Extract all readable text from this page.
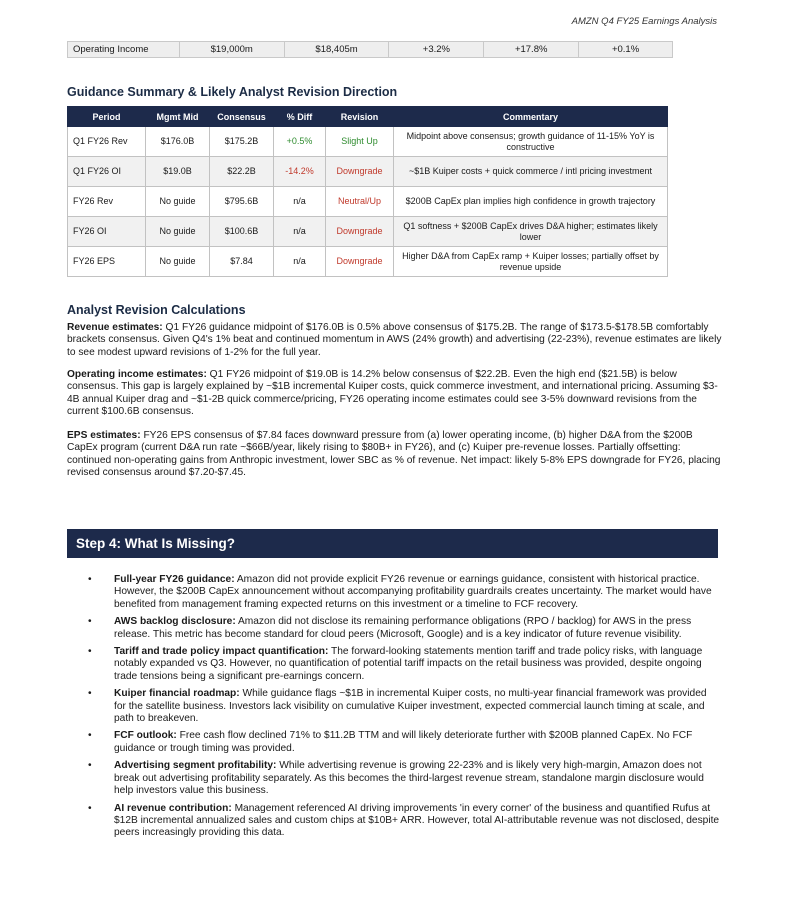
AMZN Q4 FY25 Earnings Analysis
Operating Income	$19,000m	$18,405m	+3.2%	+17.8%	+0.1%
Guidance Summary & Likely Analyst Revision Direction
Period	Mgmt Mid	Consensus	% Diff	Revision	Commentary
Q1 FY26 Rev	$176.0B	$175.2B	+0.5%	Slight Up	Midpoint above consensus; growth guidance of 11-15% YoY is constructive
Q1 FY26 OI	$19.0B	$22.2B	-14.2%	Downgrade	~$1B Kuiper costs + quick commerce / intl pricing investment
FY26 Rev	No guide	$795.6B	n/a	Neutral/Up	$200B CapEx plan implies high confidence in growth trajectory
FY26 OI	No guide	$100.6B	n/a	Downgrade	Q1 softness + $200B CapEx drives D&A higher; estimates likely lower
FY26 EPS	No guide	$7.84	n/a	Downgrade	Higher D&A from CapEx ramp + Kuiper losses; partially offset by revenue upside
Analyst Revision Calculations

Revenue estimates: Q1 FY26 guidance midpoint of $176.0B is 0.5% above consensus of $175.2B. The range of $173.5-$178.5B comfortably brackets consensus. Given Q4's 1% beat and continued momentum in AWS (24% growth) and advertising (22-23%), revenue estimates are likely to see modest upward revisions of 1-2% for the full year.

Operating income estimates: Q1 FY26 midpoint of $19.0B is 14.2% below consensus of $22.2B. Even the high end ($21.5B) is below consensus. This gap is largely explained by ~$1B incremental Kuiper costs, quick commerce investment, and international pricing. Assuming $3-4B annual Kuiper drag and ~$1-2B quick commerce/pricing, FY26 operating income estimates could see 3-5% downward revisions from the current $100.6B consensus.

EPS estimates: FY26 EPS consensus of $7.84 faces downward pressure from (a) lower operating income, (b) higher D&A from the $200B CapEx program (current D&A run rate ~$66B/year, likely rising to $80B+ in FY26), and (c) Kuiper pre-revenue losses. Partially offsetting: continued non-operating gains from Anthropic investment, lower SBC as % of revenue. Net impact: likely 5-8% EPS downgrade for FY26, placing revised consensus around $7.20-$7.45.

Step 4: What Is Missing?
• Full-year FY26 guidance: Amazon did not provide explicit FY26 revenue or earnings guidance, consistent with historical practice. However, the $200B CapEx announcement without accompanying profitability guardrails creates uncertainty. The market would have benefited from management framing expected returns on this investment or a timeline to FCF recovery.
• AWS backlog disclosure: Amazon did not disclose its remaining performance obligations (RPO / backlog) for AWS in the press release. This metric has become standard for cloud peers (Microsoft, Google) and is a key indicator of future revenue visibility.
• Tariff and trade policy impact quantification: The forward-looking statements mention tariff and trade policy risks, with language notably expanded vs Q3. However, no quantification of potential tariff impacts on the retail business was provided, despite ongoing trade tensions being a significant pre-earnings concern.
• Kuiper financial roadmap: While guidance flags ~$1B in incremental Kuiper costs, no multi-year financial framework was provided for the satellite business. Investors lack visibility on cumulative Kuiper investment, expected commercial launch timing at scale, and path to breakeven.
• FCF outlook: Free cash flow declined 71% to $11.2B TTM and will likely deteriorate further with $200B planned CapEx. No FCF guidance or trough timing was provided.
• Advertising segment profitability: While advertising revenue is growing 22-23% and is likely very high-margin, Amazon does not break out advertising profitability separately. As this becomes the third-largest revenue stream, standalone margin disclosure would help investors value this business.
• AI revenue contribution: Management referenced AI driving improvements 'in every corner' of the business and quantified Rufus at $12B incremental annualized sales and custom chips at $10B+ ARR. However, total AI-attributable revenue was not disclosed, despite peers increasingly providing this data.
